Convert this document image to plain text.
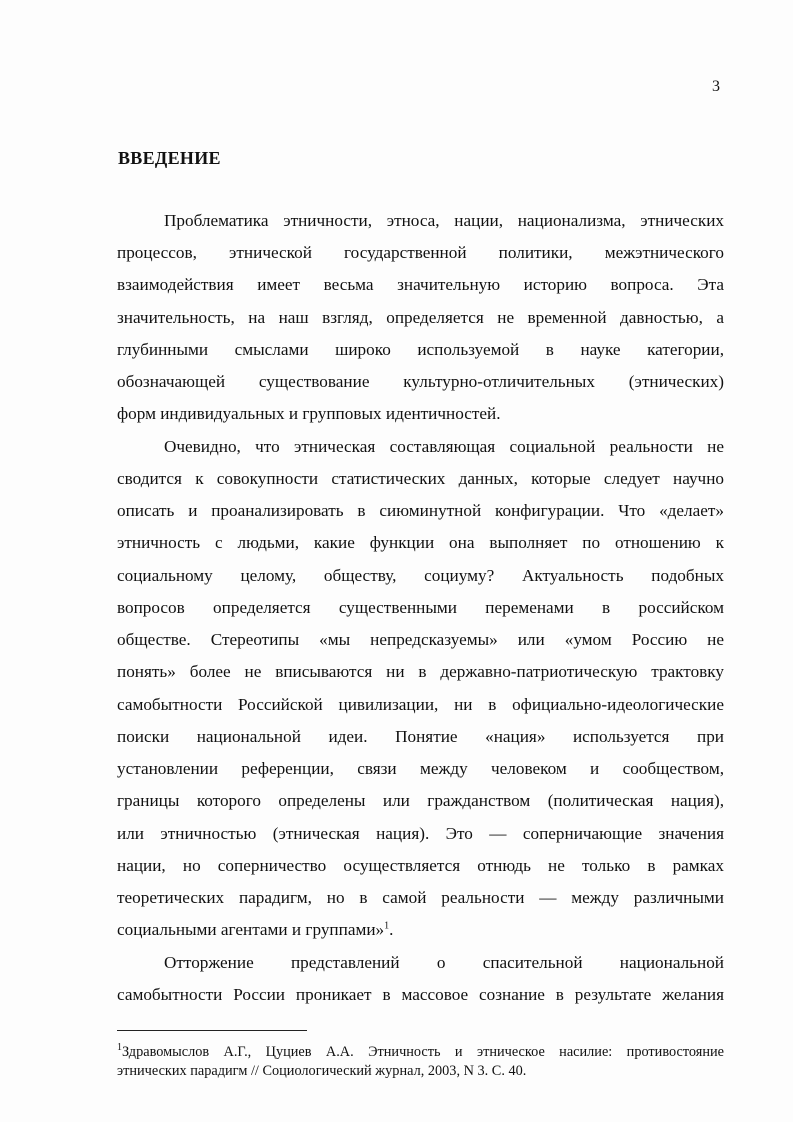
3
ВВЕДЕНИЕ
Проблематика этничности, этноса, нации, национализма, этнических
процессов, этнической государственной политики, межэтнического
взаимодействия имеет весьма значительную историю вопроса. Эта
значительность, на наш взгляд, определяется не временной давностью, а
глубинными смыслами широко используемой в науке категории,
обозначающей существование культурно-отличительных (этнических)
форм индивидуальных и групповых идентичностей.
Очевидно, что этническая составляющая социальной реальности не
сводится к совокупности статистических данных, которые следует научно
описать и проанализировать в сиюминутной конфигурации. Что «делает»
этничность с людьми, какие функции она выполняет по отношению к
социальному целому, обществу, социуму? Актуальность подобных
вопросов определяется существенными переменами в российском
обществе. Стереотипы «мы непредсказуемы» или «умом Россию не
понять» более не вписываются ни в державно-патриотическую трактовку
самобытности Российской цивилизации, ни в официально-идеологические
поиски национальной идеи. Понятие «нация» используется при
установлении референции, связи между человеком и сообществом,
границы которого определены или гражданством (политическая нация),
или этничностью (этническая нация). Это — соперничающие значения
нации, но соперничество осуществляется отнюдь не только в рамках
теоретических парадигм, но в самой реальности — между различными
социальными агентами и группами»$^1$.
Отторжение представлений о спасительной национальной
самобытности России проникает в массовое сознание в результате желания
$^1$Здравомыслов А.Г., Цуциев А.А. Этничность и этническое насилие: противостояние
этнических парадигм // Социологический журнал, 2003, N 3. С. 40.
